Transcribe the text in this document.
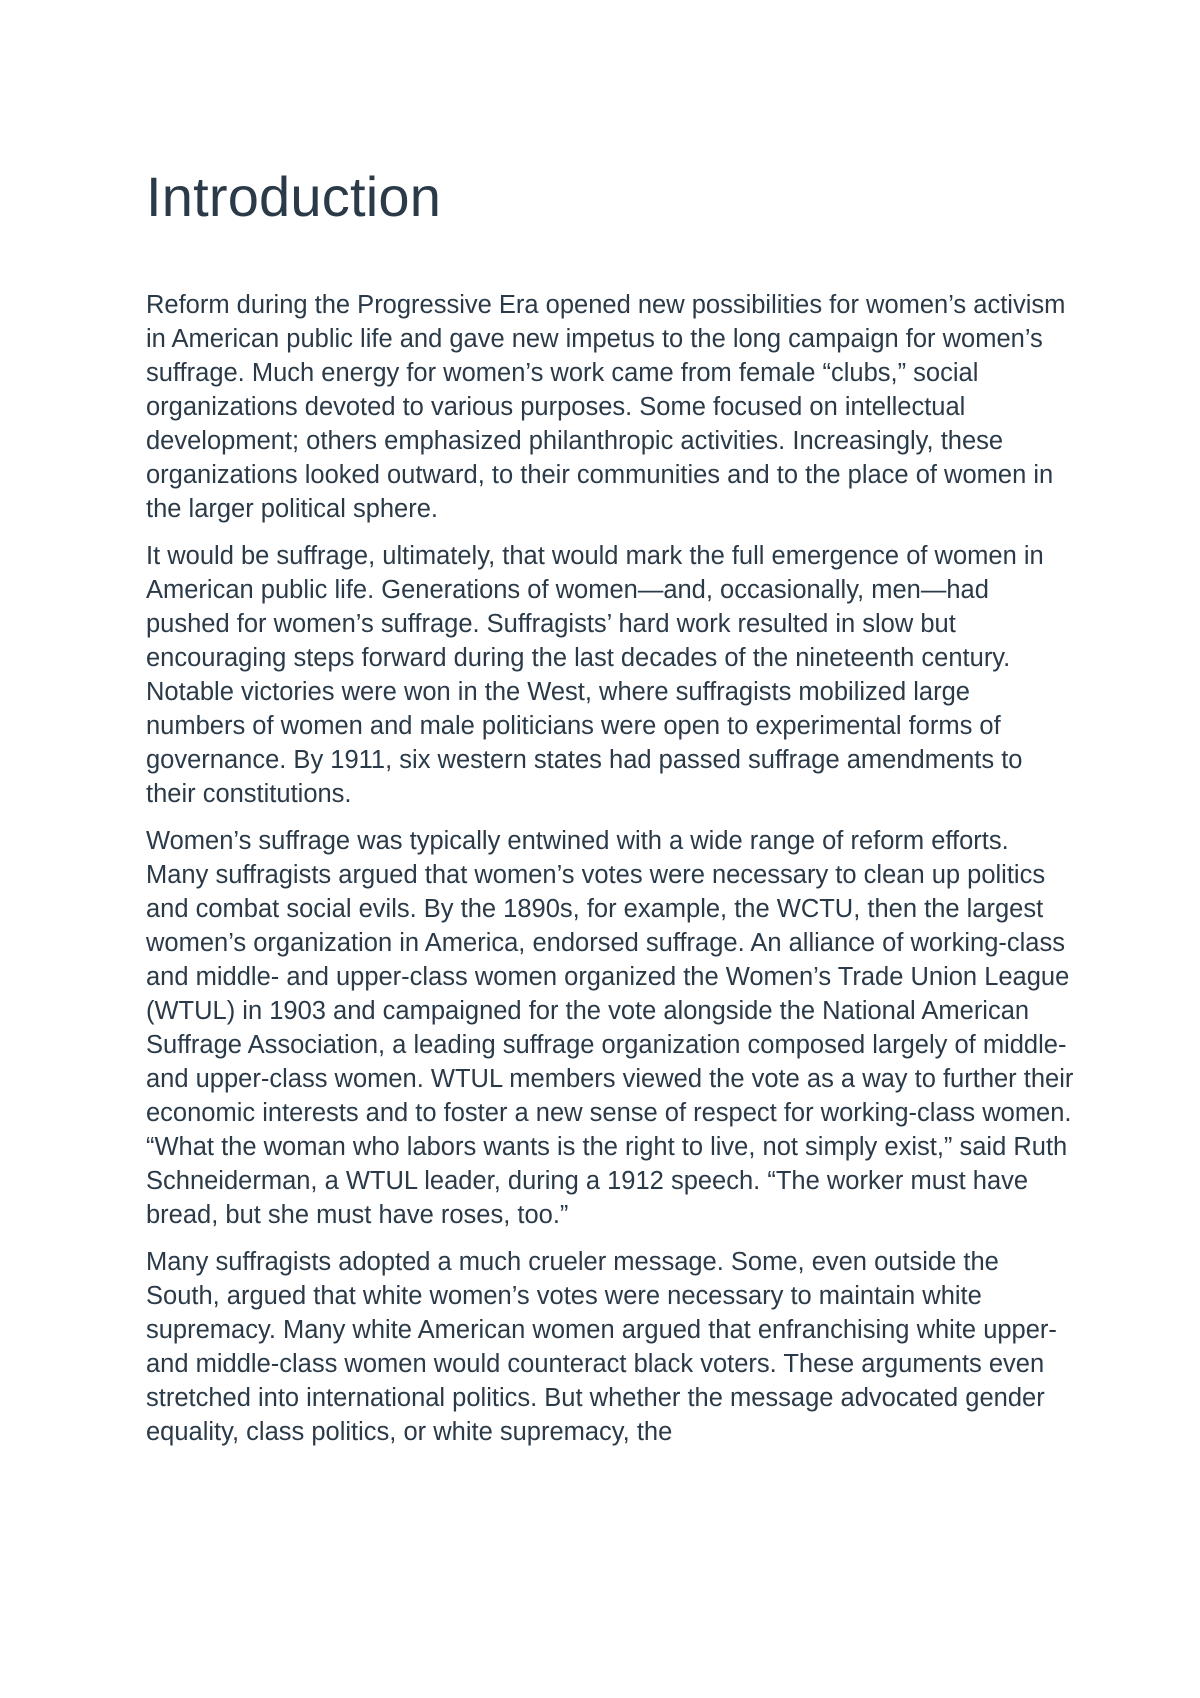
Introduction

Reform during the Progressive Era opened new possibilities for women’s activism in American public life and gave new impetus to the long campaign for women’s suffrage. Much energy for women’s work came from female “clubs,” social organizations devoted to various purposes. Some focused on intellectual development; others emphasized philanthropic activities. Increasingly, these organizations looked outward, to their communities and to the place of women in the larger political sphere.

It would be suffrage, ultimately, that would mark the full emergence of women in American public life. Generations of women—and, occasionally, men—had pushed for women’s suffrage. Suffragists’ hard work resulted in slow but encouraging steps forward during the last decades of the nineteenth century. Notable victories were won in the West, where suffragists mobilized large numbers of women and male politicians were open to experimental forms of governance. By 1911, six western states had passed suffrage amendments to their constitutions.

Women’s suffrage was typically entwined with a wide range of reform efforts. Many suffragists argued that women’s votes were necessary to clean up politics and combat social evils. By the 1890s, for example, the WCTU, then the largest women’s organization in America, endorsed suffrage. An alliance of working-class and middle- and upper-class women organized the Women’s Trade Union League (WTUL) in 1903 and campaigned for the vote alongside the National American Suffrage Association, a leading suffrage organization composed largely of middle- and upper-class women. WTUL members viewed the vote as a way to further their economic interests and to foster a new sense of respect for working-class women. “What the woman who labors wants is the right to live, not simply exist,” said Ruth Schneiderman, a WTUL leader, during a 1912 speech. “The worker must have bread, but she must have roses, too.”

Many suffragists adopted a much crueler message. Some, even outside the South, argued that white women’s votes were necessary to maintain white supremacy. Many white American women argued that enfranchising white upper- and middle-class women would counteract black voters. These arguments even stretched into international politics. But whether the message advocated gender equality, class politics, or white supremacy, the
